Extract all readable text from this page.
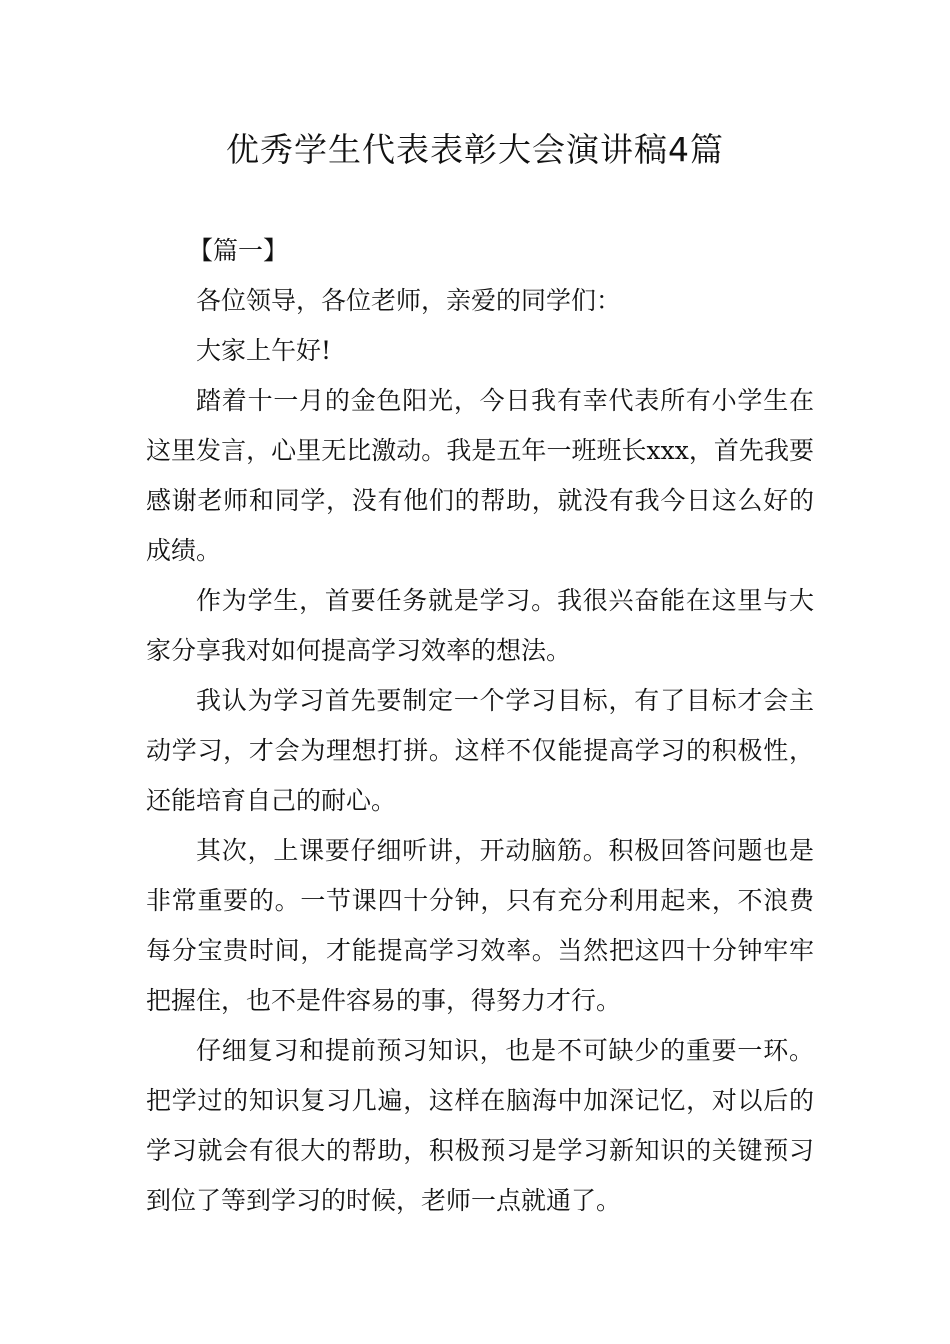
优秀学生代表表彰大会演讲稿4篇

【篇一】

各位领导，各位老师，亲爱的同学们：

大家上午好!

踏着十一月的金色阳光，今日我有幸代表所有小学生在这里发言，心里无比激动。我是五年一班班长xxx，首先我要感谢老师和同学，没有他们的帮助，就没有我今日这么好的成绩。

作为学生，首要任务就是学习。我很兴奋能在这里与大家分享我对如何提高学习效率的想法。

我认为学习首先要制定一个学习目标，有了目标才会主动学习，才会为理想打拼。这样不仅能提高学习的积极性，还能培育自己的耐心。

其次，上课要仔细听讲，开动脑筋。积极回答问题也是非常重要的。一节课四十分钟，只有充分利用起来，不浪费每分宝贵时间，才能提高学习效率。当然把这四十分钟牢牢把握住，也不是件容易的事，得努力才行。

仔细复习和提前预习知识，也是不可缺少的重要一环。把学过的知识复习几遍，这样在脑海中加深记忆，对以后的学习就会有很大的帮助，积极预习是学习新知识的关键预习到位了等到学习的时候，老师一点就通了。
